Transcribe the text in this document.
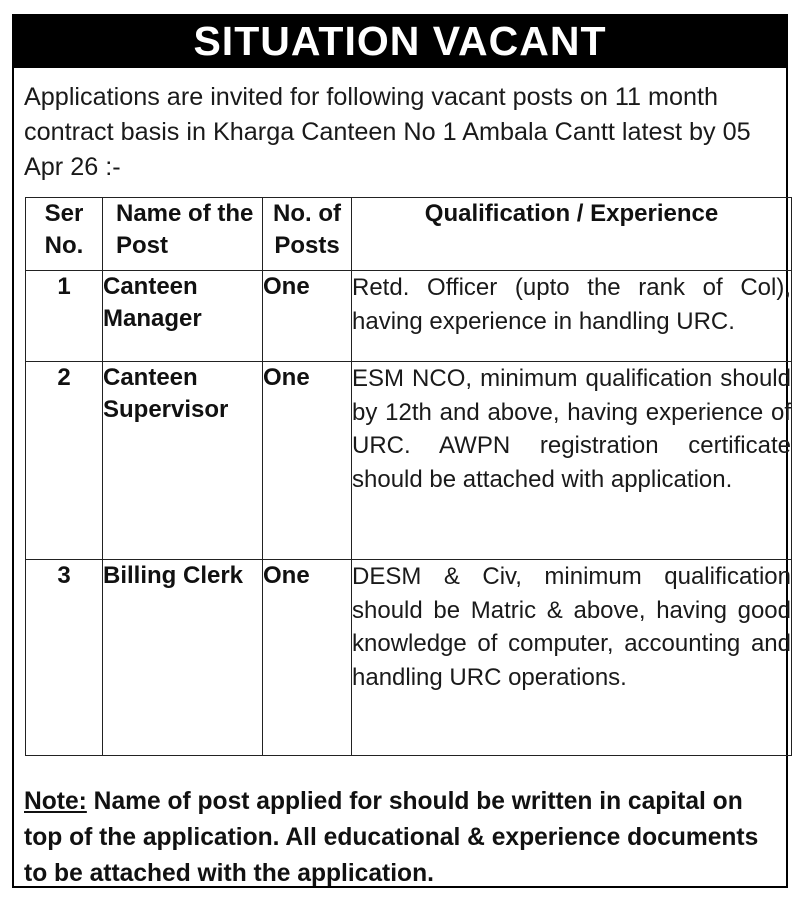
SITUATION VACANT

Applications are invited for following vacant posts on 11 month contract basis in Kharga Canteen No 1 Ambala Cantt latest by 05 Apr 26 :-

Ser No.	Name of the Post	No. of Posts	Qualification / Experience
1	Canteen Manager	One	Retd. Officer (upto the rank of Col), having experience in handling URC.
2	Canteen Supervisor	One	ESM NCO, minimum qualification should by 12th and above, having experience of URC. AWPN registration certificate should be attached with application.
3	Billing Clerk	One	DESM & Civ, minimum qualification should be Matric & above, having good knowledge of computer, accounting and handling URC operations.

Note: Name of post applied for should be written in capital on top of the application. All educational & experience documents to be attached with the application.
